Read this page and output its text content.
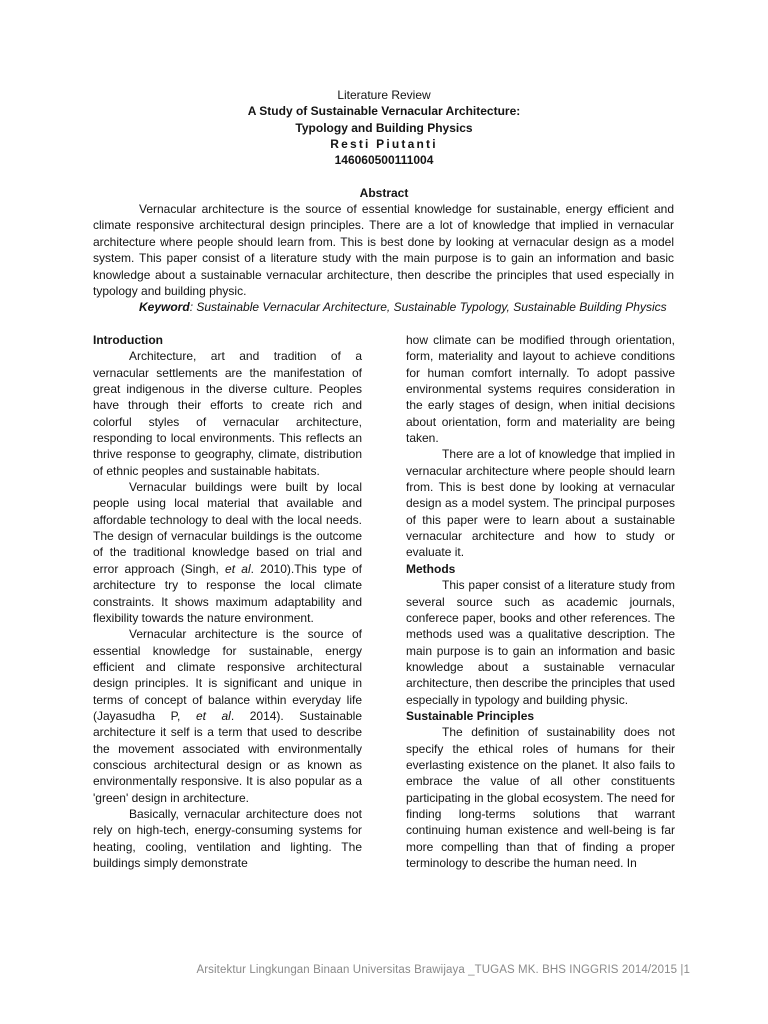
Literature Review
A Study of Sustainable Vernacular Architecture:
Typology and Building Physics
Resti Piutanti
146060500111004
Abstract

Vernacular architecture is the source of essential knowledge for sustainable, energy efficient and climate responsive architectural design principles. There are a lot of knowledge that implied in vernacular architecture where people should learn from. This is best done by looking at vernacular design as a model system. This paper consist of a literature study with the main purpose is to gain an information and basic knowledge about a sustainable vernacular architecture, then describe the principles that used especially in typology and building physic.

Keyword: Sustainable Vernacular Architecture, Sustainable Typology, Sustainable Building Physics

Introduction

Architecture, art and tradition of a vernacular settlements are the manifestation of great indigenous in the diverse culture. Peoples have through their efforts to create rich and colorful styles of vernacular architecture, responding to local environments. This reflects an thrive response to geography, climate, distribution of ethnic peoples and sustainable habitats.

Vernacular buildings were built by local people using local material that available and affordable technology to deal with the local needs. The design of vernacular buildings is the outcome of the traditional knowledge based on trial and error approach (Singh, et al. 2010).This type of architecture try to response the local climate constraints. It shows maximum adaptability and flexibility towards the nature environment.

Vernacular architecture is the source of essential knowledge for sustainable, energy efficient and climate responsive architectural design principles. It is significant and unique in terms of concept of balance within everyday life (Jayasudha P, et al. 2014). Sustainable architecture it self is a term that used to describe the movement associated with environmentally conscious architectural design or as known as environmentally responsive. It is also popular as a 'green' design in architecture.

Basically, vernacular architecture does not rely on high-tech, energy-consuming systems for heating, cooling, ventilation and lighting. The buildings simply demonstrate

how climate can be modified through orientation, form, materiality and layout to achieve conditions for human comfort internally. To adopt passive environmental systems requires consideration in the early stages of design, when initial decisions about orientation, form and materiality are being taken.

There are a lot of knowledge that implied in vernacular architecture where people should learn from. This is best done by looking at vernacular design as a model system. The principal purposes of this paper were to learn about a sustainable vernacular architecture and how to study or evaluate it.

Methods

This paper consist of a literature study from several source such as academic journals, conferece paper, books and other references. The methods used was a qualitative description. The main purpose is to gain an information and basic knowledge about a sustainable vernacular architecture, then describe the principles that used especially in typology and building physic.

Sustainable Principles

The definition of sustainability does not specify the ethical roles of humans for their everlasting existence on the planet. It also fails to embrace the value of all other constituents participating in the global ecosystem. The need for finding long-terms solutions that warrant continuing human existence and well-being is far more compelling than that of finding a proper terminology to describe the human need. In

Arsitektur Lingkungan Binaan Universitas Brawijaya _TUGAS MK. BHS INGGRIS 2014/2015 |1
